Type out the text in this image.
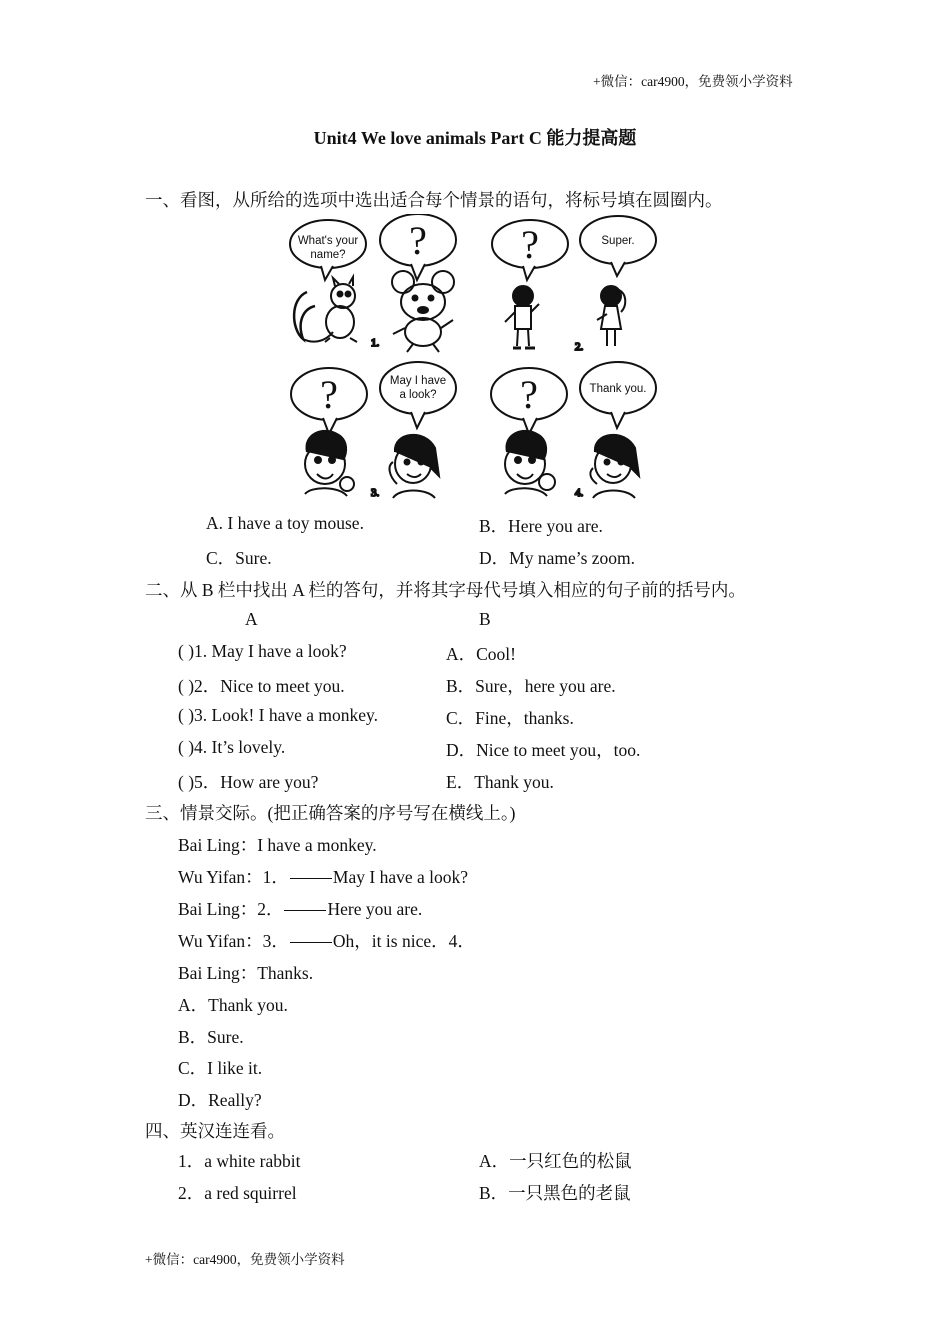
+微信：car4900，免费领小学资料
Unit4 We love animals Part C 能力提高题
一、看图，从所给的选项中选出适合每个情景的语句，将标号填在圆圈内。
1.	2.
3.	4.
What's your
name? ? ?	Super.
?	May I have
a look? ?	Thank you.
A. I have a toy mouse.	B．Here you are.
C．Sure.	D．My name’s zoom.
二、从 B 栏中找出 A 栏的答句，并将其字母代号填入相应的句子前的括号内。
A	B
( )1. May I have a look?	A．Cool!
( )2．Nice to meet you.	B．Sure，here you are.
( )3. Look! I have a monkey.	C．Fine，thanks.
( )4. It’s lovely.	D．Nice to meet you，too.
( )5．How are you?	E．Thank you.
三、情景交际。(把正确答案的序号写在横线上。)
Bai Ling：I have a monkey.
Wu Yifan：1．	May I have a look?
Bai Ling：2．	Here you are.
Wu Yifan：3．	Oh，it is nice．4．
Bai Ling：Thanks.
A．Thank you.
B．Sure.
C．I like it.
D．Really?
四、英汉连连看。
1．a white rabbit	A．一只红色的松鼠
2．a red squirrel	B．一只黑色的老鼠
+微信：car4900，免费领小学资料
